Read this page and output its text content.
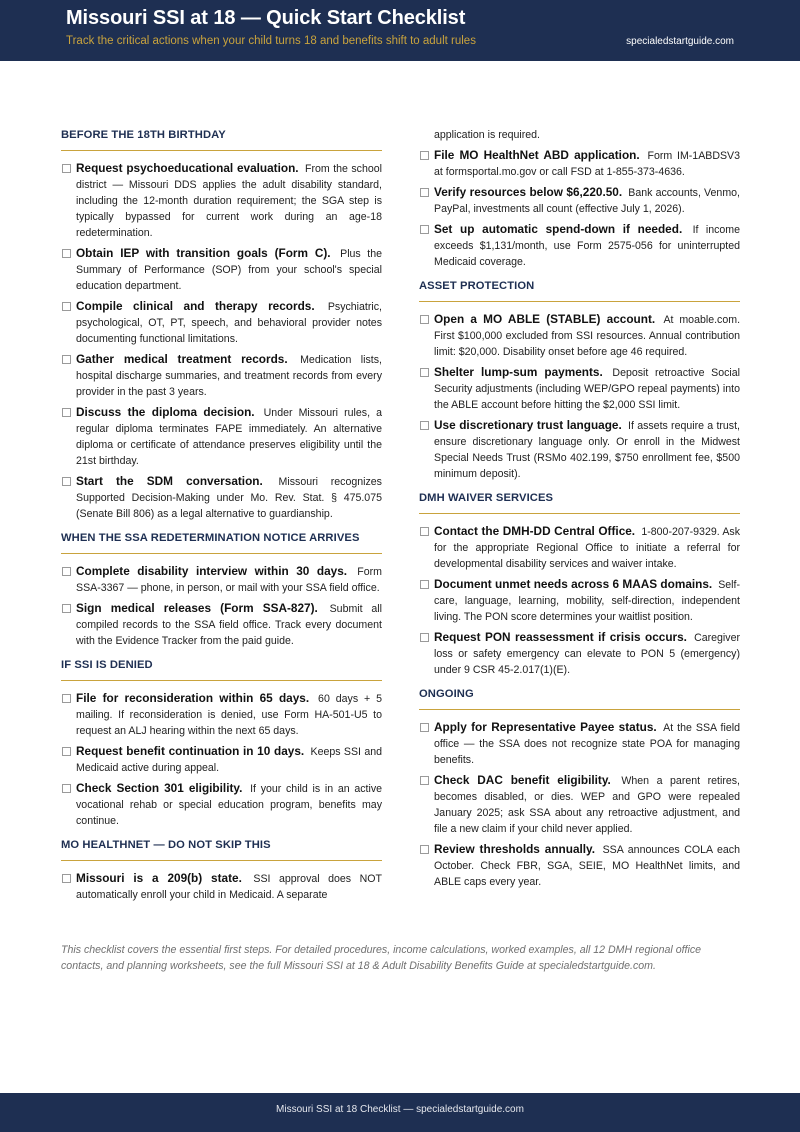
Missouri SSI at 18 — Quick Start Checklist
Track the critical actions when your child turns 18 and benefits shift to adult rules	specialedstartguide.com
BEFORE THE 18TH BIRTHDAY
Request psychoeducational evaluation. From the school district — Missouri DDS applies the adult disability standard, including the 12-month duration requirement; the SGA step is typically bypassed for current work during an age-18 redetermination.
Obtain IEP with transition goals (Form C). Plus the Summary of Performance (SOP) from your school's special education department.
Compile clinical and therapy records. Psychiatric, psychological, OT, PT, speech, and behavioral provider notes documenting functional limitations.
Gather medical treatment records. Medication lists, hospital discharge summaries, and treatment records from every provider in the past 3 years.
Discuss the diploma decision. Under Missouri rules, a regular diploma terminates FAPE immediately. An alternative diploma or certificate of attendance preserves eligibility until the 21st birthday.
Start the SDM conversation. Missouri recognizes Supported Decision-Making under Mo. Rev. Stat. § 475.075 (Senate Bill 806) as a legal alternative to guardianship.
WHEN THE SSA REDETERMINATION NOTICE ARRIVES
Complete disability interview within 30 days. Form SSA-3367 — phone, in person, or mail with your SSA field office.
Sign medical releases (Form SSA-827). Submit all compiled records to the SSA field office. Track every document with the Evidence Tracker from the paid guide.
IF SSI IS DENIED
File for reconsideration within 65 days. 60 days + 5 mailing. If reconsideration is denied, use Form HA-501-U5 to request an ALJ hearing within the next 65 days.
Request benefit continuation in 10 days. Keeps SSI and Medicaid active during appeal.
Check Section 301 eligibility. If your child is in an active vocational rehab or special education program, benefits may continue.
MO HEALTHNET — DO NOT SKIP THIS
Missouri is a 209(b) state. SSI approval does NOT automatically enroll your child in Medicaid. A separate
application is required.
File MO HealthNet ABD application. Form IM-1ABDSV3 at formsportal.mo.gov or call FSD at 1-855-373-4636.
Verify resources below $6,220.50. Bank accounts, Venmo, PayPal, investments all count (effective July 1, 2026).
Set up automatic spend-down if needed. If income exceeds $1,131/month, use Form 2575-056 for uninterrupted Medicaid coverage.
ASSET PROTECTION
Open a MO ABLE (STABLE) account. At moable.com. First $100,000 excluded from SSI resources. Annual contribution limit: $20,000. Disability onset before age 46 required.
Shelter lump-sum payments. Deposit retroactive Social Security adjustments (including WEP/GPO repeal payments) into the ABLE account before hitting the $2,000 SSI limit.
Use discretionary trust language. If assets require a trust, ensure discretionary language only. Or enroll in the Midwest Special Needs Trust (RSMo 402.199, $750 enrollment fee, $500 minimum deposit).
DMH WAIVER SERVICES
Contact the DMH-DD Central Office. 1-800-207-9329. Ask for the appropriate Regional Office to initiate a referral for developmental disability services and waiver intake.
Document unmet needs across 6 MAAS domains. Self-care, language, learning, mobility, self-direction, independent living. The PON score determines your waitlist position.
Request PON reassessment if crisis occurs. Caregiver loss or safety emergency can elevate to PON 5 (emergency) under 9 CSR 45-2.017(1)(E).
ONGOING
Apply for Representative Payee status. At the SSA field office — the SSA does not recognize state POA for managing benefits.
Check DAC benefit eligibility. When a parent retires, becomes disabled, or dies. WEP and GPO were repealed January 2025; ask SSA about any retroactive adjustment, and file a new claim if your child never applied.
Review thresholds annually. SSA announces COLA each October. Check FBR, SGA, SEIE, MO HealthNet limits, and ABLE caps every year.
This checklist covers the essential first steps. For detailed procedures, income calculations, worked examples, all 12 DMH regional office contacts, and planning worksheets, see the full Missouri SSI at 18 & Adult Disability Benefits Guide at specialedstartguide.com.
Missouri SSI at 18 Checklist — specialedstartguide.com
